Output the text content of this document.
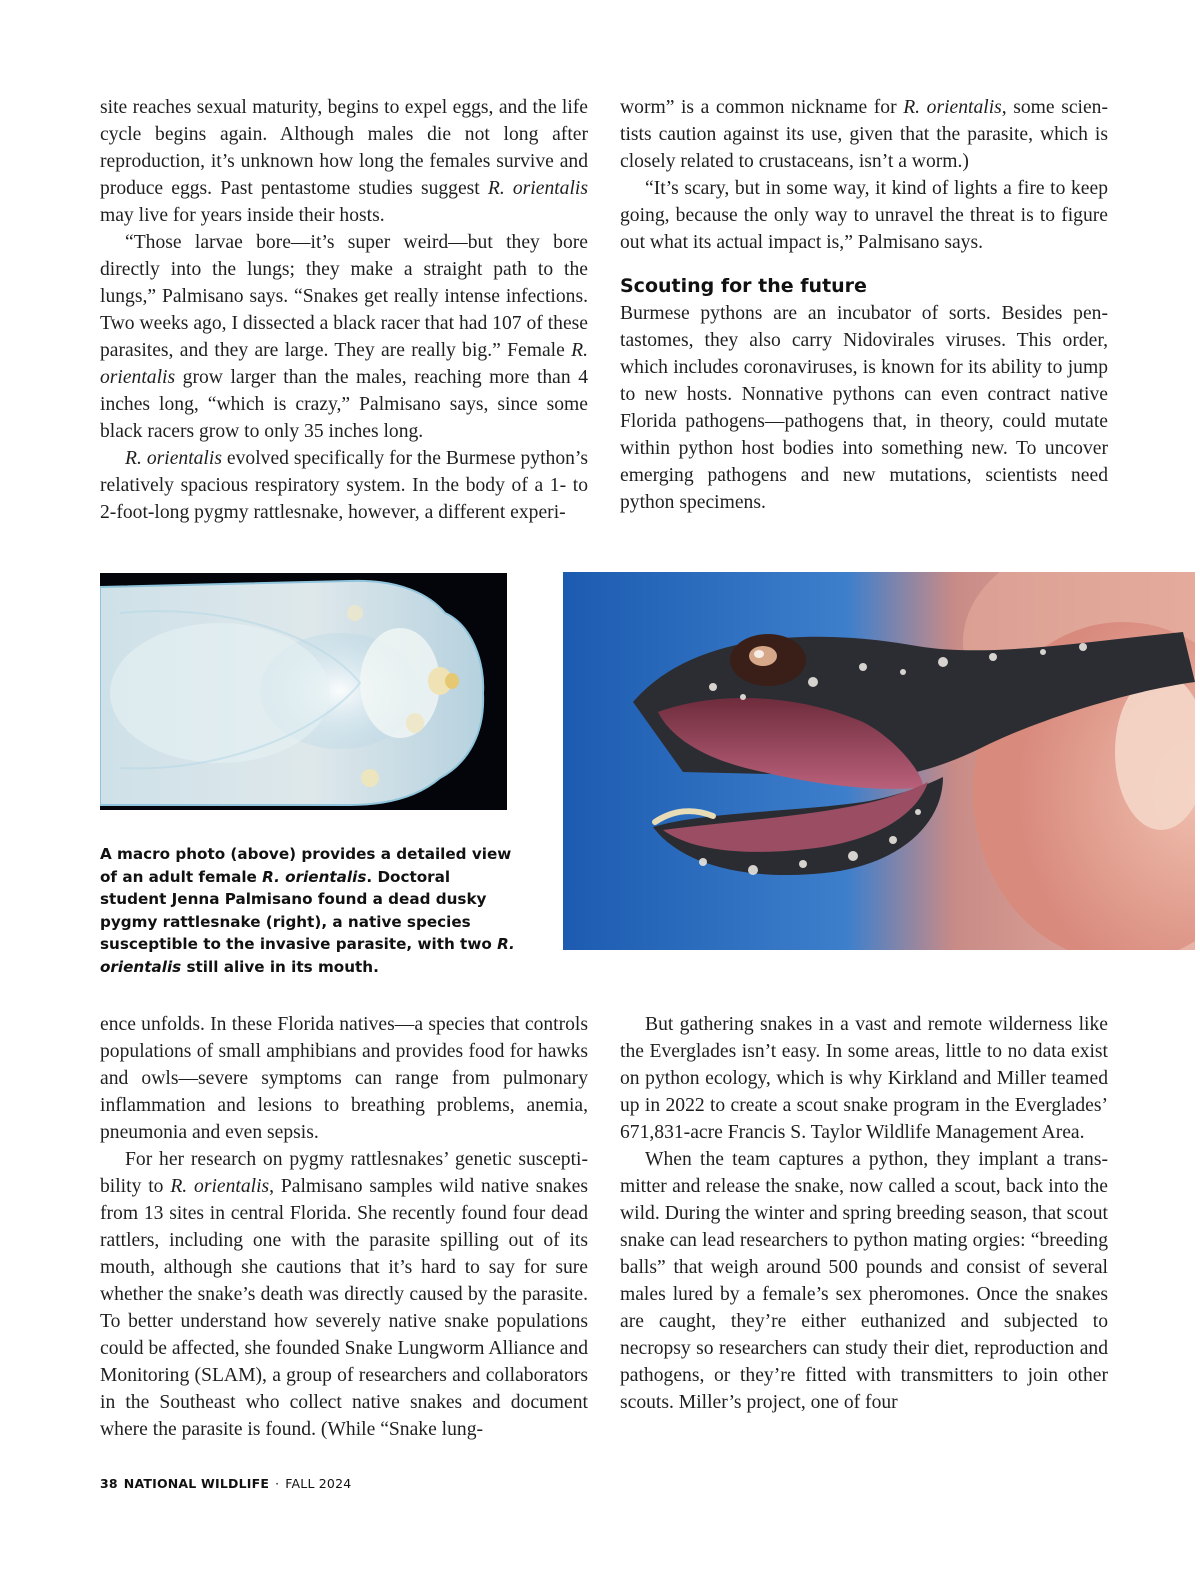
site reaches sexual maturity, begins to expel eggs, and the life cycle begins again. Although males die not long after reproduction, it’s unknown how long the females survive and produce eggs. Past pentastome studies suggest R. orientalis may live for years inside their hosts.

“Those larvae bore—it’s super weird—but they bore directly into the lungs; they make a straight path to the lungs,” Palmisano says. “Snakes get really intense infections. Two weeks ago, I dissected a black racer that had 107 of these parasites, and they are large. They are really big.” Female R. orientalis grow larger than the males, reaching more than 4 inches long, “which is crazy,” Palmisano says, since some black racers grow to only 35 inches long.

R. orientalis evolved specifically for the Burmese python’s relatively spacious respiratory system. In the body of a 1- to 2-foot-long pygmy rattlesnake, however, a different experi-

worm” is a common nickname for R. orientalis, some scientists caution against its use, given that the parasite, which is closely related to crustaceans, isn’t a worm.)

“It’s scary, but in some way, it kind of lights a fire to keep going, because the only way to unravel the threat is to figure out what its actual impact is,” Palmisano says.

Scouting for the future

Burmese pythons are an incubator of sorts. Besides pentastomes, they also carry Nidovirales viruses. This order, which includes coronaviruses, is known for its ability to jump to new hosts. Nonnative pythons can even contract native Florida pathogens—pathogens that, in theory, could mutate within python host bodies into something new. To uncover emerging pathogens and new mutations, scientists need python specimens.

A macro photo (above) provides a detailed view of an adult female R. orientalis. Doctoral student Jenna Palmisano found a dead dusky pygmy rattlesnake (right), a native species susceptible to the invasive parasite, with two R. orientalis still alive in its mouth.

ence unfolds. In these Florida natives—a species that controls populations of small amphibians and provides food for hawks and owls—severe symptoms can range from pulmonary inflammation and lesions to breathing problems, anemia, pneumonia and even sepsis.

For her research on pygmy rattlesnakes’ genetic susceptibility to R. orientalis, Palmisano samples wild native snakes from 13 sites in central Florida. She recently found four dead rattlers, including one with the parasite spilling out of its mouth, although she cautions that it’s hard to say for sure whether the snake’s death was directly caused by the parasite. To better understand how severely native snake populations could be affected, she founded Snake Lungworm Alliance and Monitoring (SLAM), a group of researchers and collaborators in the Southeast who collect native snakes and document where the parasite is found. (While “Snake lung-

But gathering snakes in a vast and remote wilderness like the Everglades isn’t easy. In some areas, little to no data exist on python ecology, which is why Kirkland and Miller teamed up in 2022 to create a scout snake program in the Everglades’ 671,831-acre Francis S. Taylor Wildlife Management Area.

When the team captures a python, they implant a transmitter and release the snake, now called a scout, back into the wild. During the winter and spring breeding season, that scout snake can lead researchers to python mating orgies: “breeding balls” that weigh around 500 pounds and consist of several males lured by a female’s sex pheromones. Once the snakes are caught, they’re either euthanized and subjected to necropsy so researchers can study their diet, reproduction and pathogens, or they’re fitted with transmitters to join other scouts. Miller’s project, one of four

38 NATIONAL WILDLIFE · FALL 2024
